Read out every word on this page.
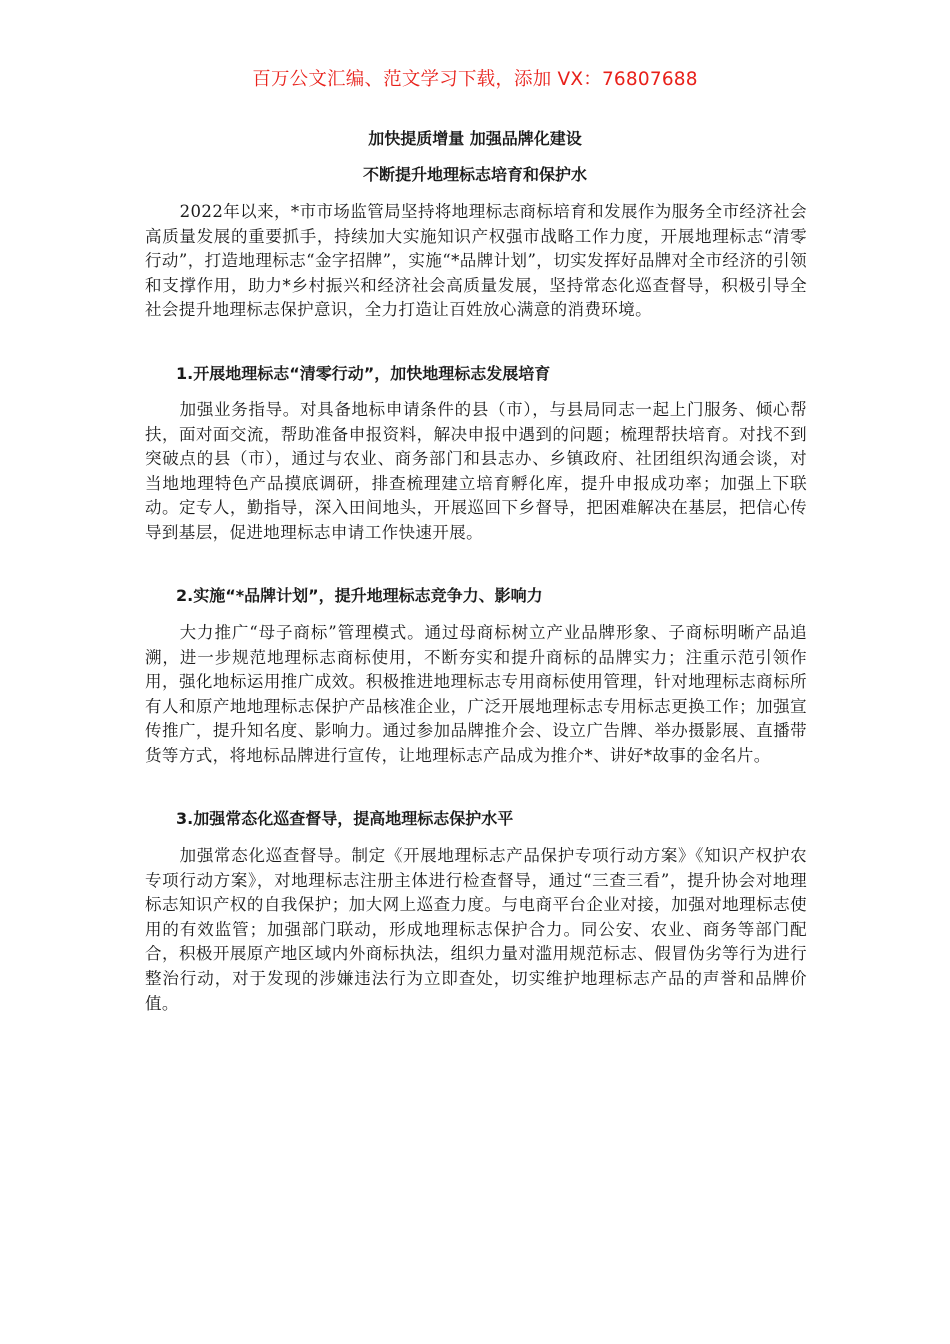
百万公文汇编、范文学习下载，添加 VX：76807688
加快提质增量 加强品牌化建设
不断提升地理标志培育和保护水

2022年以来，*市市场监管局坚持将地理标志商标培育和发展作为服务全市经济社会高质量发展的重要抓手，持续加大实施知识产权强市战略工作力度，开展地理标志“清零行动”，打造地理标志“金字招牌”，实施“*品牌计划”，切实发挥好品牌对全市经济的引领和支撑作用，助力*乡村振兴和经济社会高质量发展，坚持常态化巡查督导，积极引导全社会提升地理标志保护意识，全力打造让百姓放心满意的消费环境。

1.开展地理标志“清零行动”，加快地理标志发展培育

加强业务指导。对具备地标申请条件的县（市），与县局同志一起上门服务、倾心帮扶，面对面交流，帮助准备申报资料，解决申报中遇到的问题；梳理帮扶培育。对找不到突破点的县（市），通过与农业、商务部门和县志办、乡镇政府、社团组织沟通会谈，对当地地理特色产品摸底调研，排查梳理建立培育孵化库，提升申报成功率；加强上下联动。定专人，勤指导，深入田间地头，开展巡回下乡督导，把困难解决在基层，把信心传导到基层，促进地理标志申请工作快速开展。

2.实施“*品牌计划”，提升地理标志竞争力、影响力

大力推广“母子商标”管理模式。通过母商标树立产业品牌形象、子商标明晰产品追溯，进一步规范地理标志商标使用，不断夯实和提升商标的品牌实力；注重示范引领作用，强化地标运用推广成效。积极推进地理标志专用商标使用管理，针对地理标志商标所有人和原产地地理标志保护产品核准企业，广泛开展地理标志专用标志更换工作；加强宣传推广，提升知名度、影响力。通过参加品牌推介会、设立广告牌、举办摄影展、直播带货等方式，将地标品牌进行宣传，让地理标志产品成为推介*、讲好*故事的金名片。

3.加强常态化巡查督导，提高地理标志保护水平

加强常态化巡查督导。制定《开展地理标志产品保护专项行动方案》《知识产权护农专项行动方案》，对地理标志注册主体进行检查督导，通过“三查三看”，提升协会对地理标志知识产权的自我保护；加大网上巡查力度。与电商平台企业对接，加强对地理标志使用的有效监管；加强部门联动，形成地理标志保护合力。同公安、农业、商务等部门配合，积极开展原产地区域内外商标执法，组织力量对滥用规范标志、假冒伪劣等行为进行整治行动，对于发现的涉嫌违法行为立即查处，切实维护地理标志产品的声誉和品牌价值。
